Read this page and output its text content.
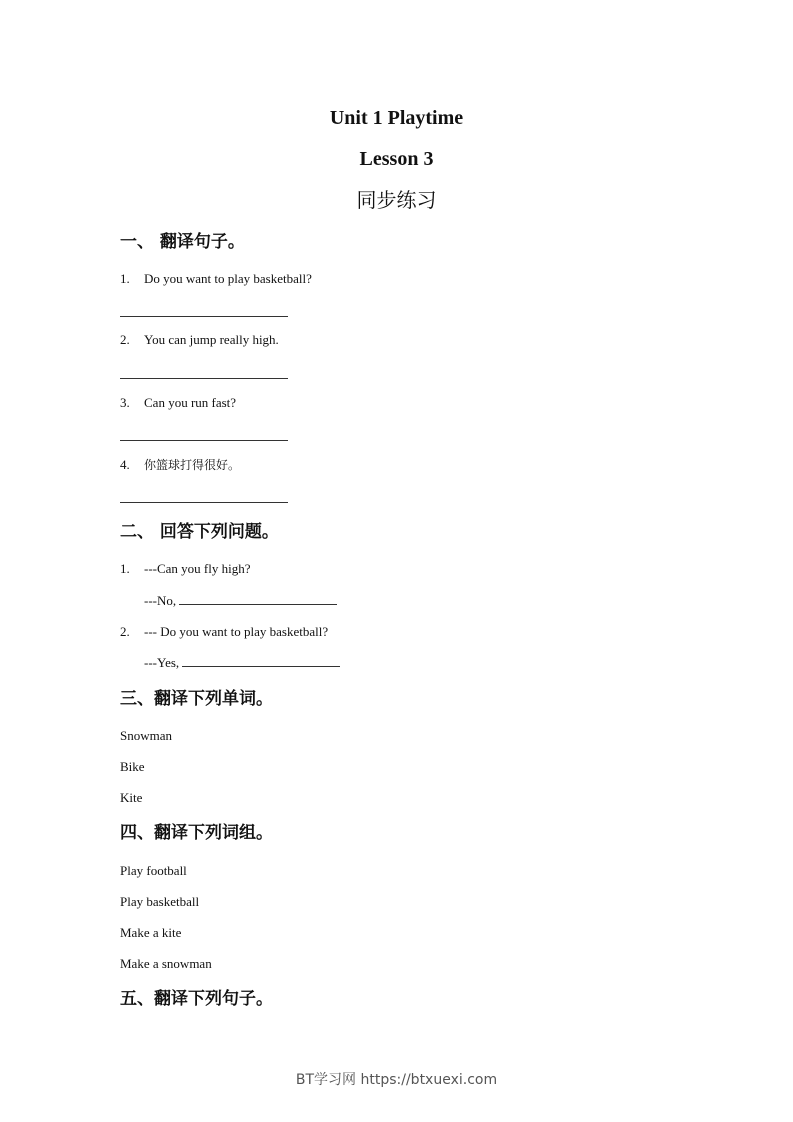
Unit 1 Playtime
Lesson 3
同步练习
一、 翻译句子。
1. Do you want to play basketball?
2. You can jump really high.
3. Can you run fast?
4. 你篮球打得很好。
二、 回答下列问题。
1. ---Can you fly high?
---No,
2. --- Do you want to play basketball?
---Yes,
三、翻译下列单词。
Snowman
Bike
Kite
四、翻译下列词组。
Play football
Play basketball
Make a kite
Make a snowman
五、翻译下列句子。
BT学习网 https://btxuexi.com
